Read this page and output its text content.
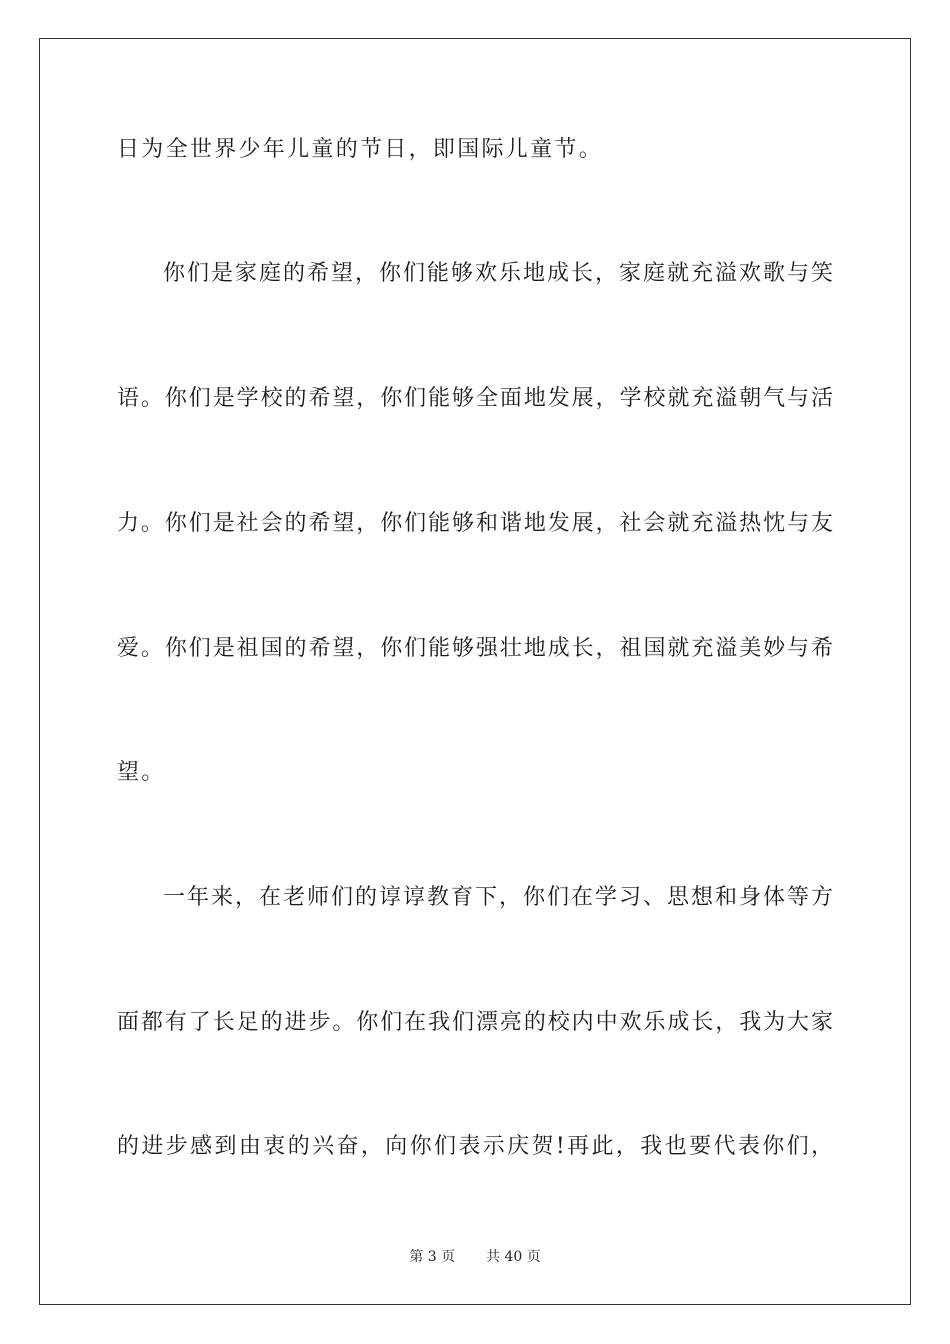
日为全世界少年儿童的节日，即国际儿童节。

你们是家庭的希望，你们能够欢乐地成长，家庭就充溢欢歌与笑

语。你们是学校的希望，你们能够全面地发展，学校就充溢朝气与活

力。你们是社会的希望，你们能够和谐地发展，社会就充溢热忱与友

爱。你们是祖国的希望，你们能够强壮地成长，祖国就充溢美妙与希

望。

一年来，在老师们的谆谆教育下，你们在学习、思想和身体等方

面都有了长足的进步。你们在我们漂亮的校内中欢乐成长，我为大家

的进步感到由衷的兴奋，向你们表示庆贺!再此，我也要代表你们，

第 3 页 共 40 页
